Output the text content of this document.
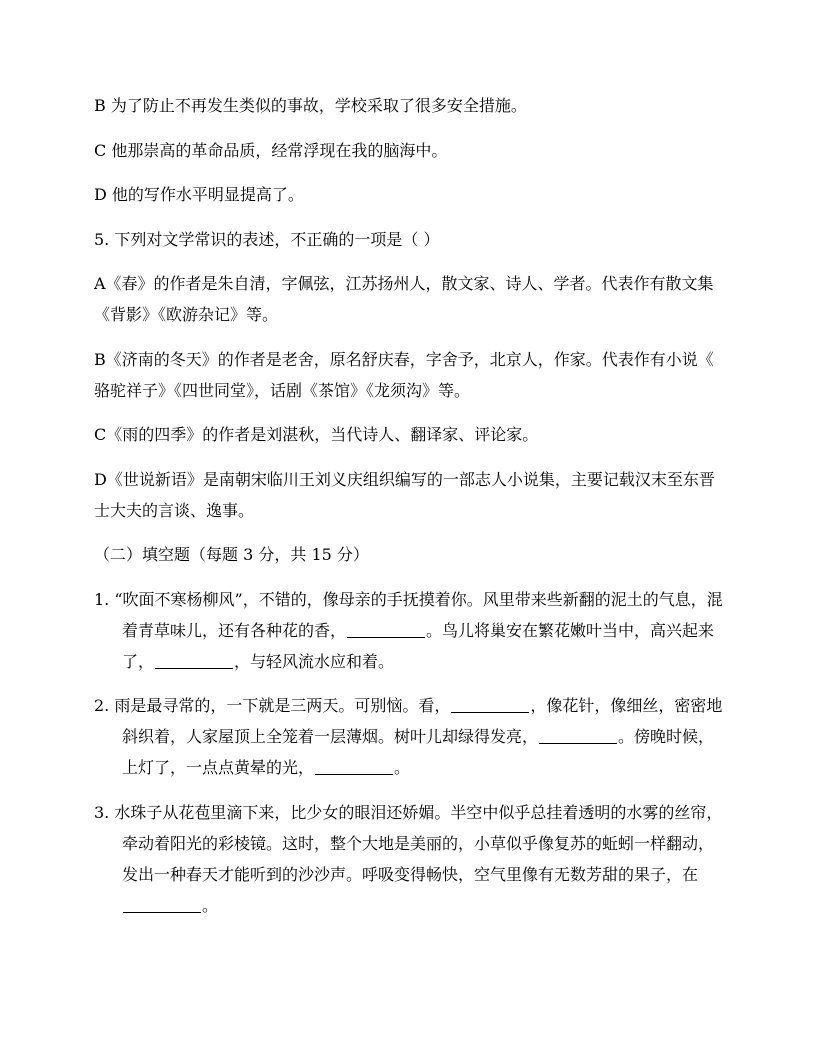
B 为了防止不再发生类似的事故，学校采取了很多安全措施。
C 他那崇高的革命品质，经常浮现在我的脑海中。
D 他的写作水平明显提高了。
5. 下列对文学常识的表述，不正确的一项是（ ）
A《春》的作者是朱自清，字佩弦，江苏扬州人，散文家、诗人、学者。代表作有散文集
《背影》《欧游杂记》等。
B《济南的冬天》的作者是老舍，原名舒庆春，字舍予，北京人，作家。代表作有小说《
骆驼祥子》《四世同堂》，话剧《茶馆》《龙须沟》等。
C《雨的四季》的作者是刘湛秋，当代诗人、翻译家、评论家。
D《世说新语》是南朝宋临川王刘义庆组织编写的一部志人小说集，主要记载汉末至东晋
士大夫的言谈、逸事。
（二）填空题（每题 3 分，共 15 分）
1. “吹面不寒杨柳风”，不错的，像母亲的手抚摸着你。风里带来些新翻的泥土的气息，混
着青草味儿，还有各种花的香，	。鸟儿将巢安在繁花嫩叶当中，高兴起来
了，	，与轻风流水应和着。
2. 雨是最寻常的，一下就是三两天。可别恼。看，	，像花针，像细丝，密密地
斜织着，人家屋顶上全笼着一层薄烟。树叶儿却绿得发亮，	。傍晚时候，
上灯了，一点点黄晕的光，	。
3. 水珠子从花苞里滴下来，比少女的眼泪还娇媚。半空中似乎总挂着透明的水雾的丝帘，
牵动着阳光的彩棱镜。这时，整个大地是美丽的，小草似乎像复苏的蚯蚓一样翻动，
发出一种春天才能听到的沙沙声。呼吸变得畅快，空气里像有无数芳甜的果子，在
。
